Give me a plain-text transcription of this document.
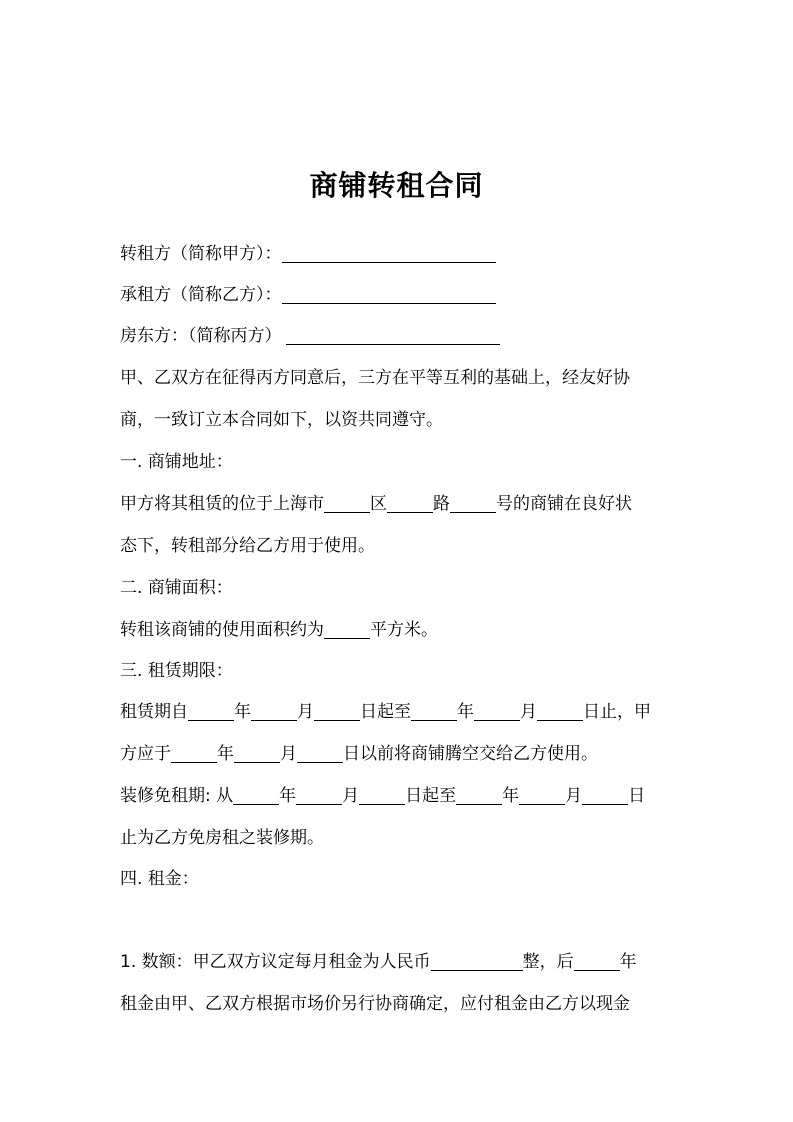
商铺转租合同
转租方（简称甲方）：
承租方（简称乙方）：
房东方：（简称丙方）
甲、乙双方在征得丙方同意后，三方在平等互利的基础上，经友好协
商，一致订立本合同如下，以资共同遵守。
一. 商铺地址：
甲方将其租赁的位于上海市	区	路	号的商铺在良好状
态下，转租部分给乙方用于使用。
二. 商铺面积：
转租该商铺的使用面积约为	平方米。
三. 租赁期限：
租赁期自	年	月	日起至	年	月	日止，甲
方应于	年	月	日以前将商铺腾空交给乙方使用。
装修免租期: 从	年	月	日起至	年	月	日
止为乙方免房租之装修期。
四. 租金：
1. 数额：甲乙双方议定每月租金为人民币	整，后	年
租金由甲、乙双方根据市场价另行协商确定，应付租金由乙方以现金
